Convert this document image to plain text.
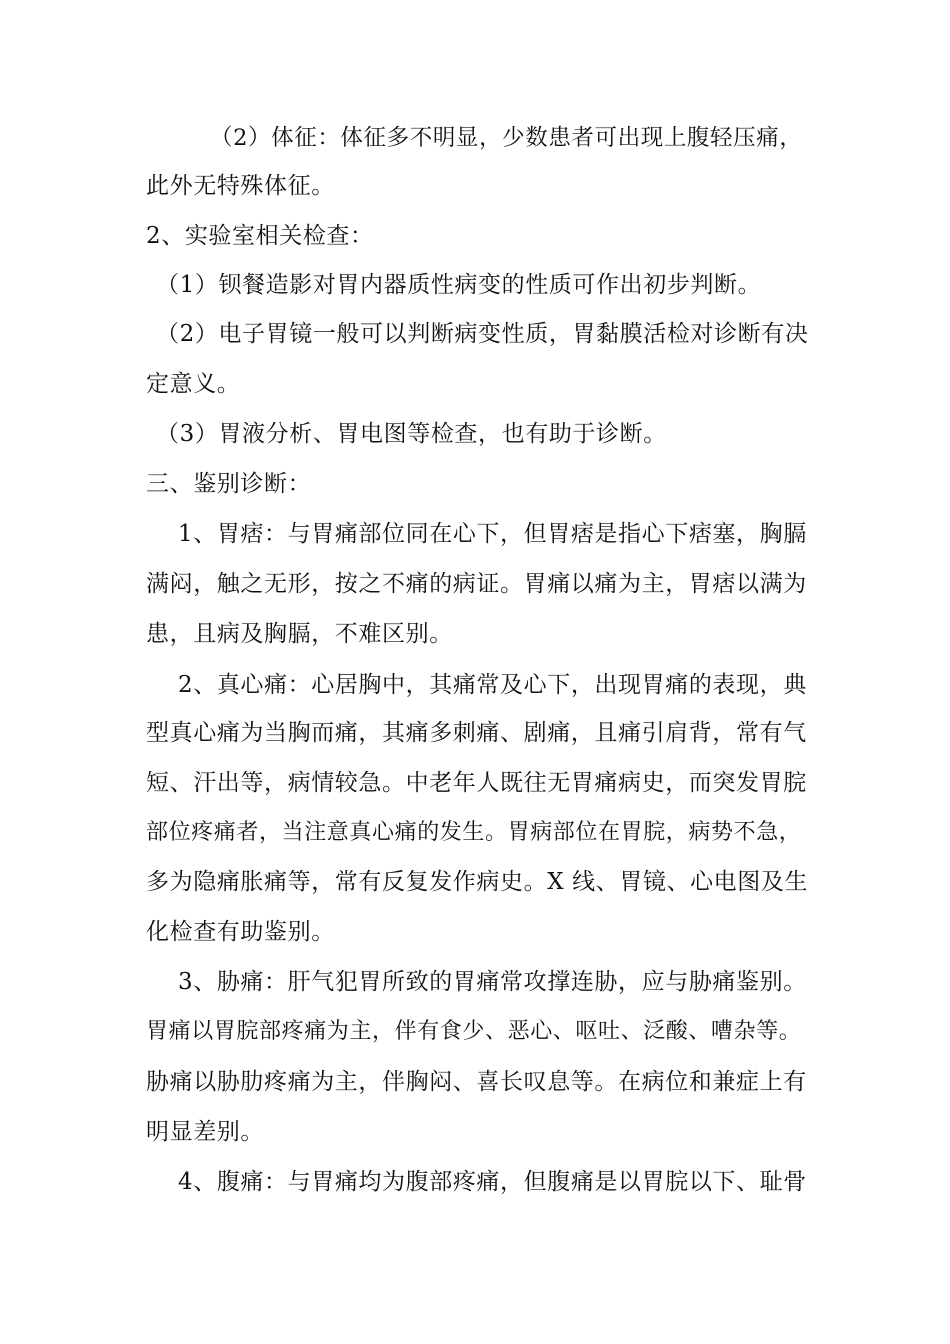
（2）体征：体征多不明显，少数患者可出现上腹轻压痛，
此外无特殊体征。
2、实验室相关检查：
（1）钡餐造影对胃内器质性病变的性质可作出初步判断。
（2）电子胃镜一般可以判断病变性质，胃黏膜活检对诊断有决
定意义。
（3）胃液分析、胃电图等检查，也有助于诊断。
三、鉴别诊断：
1、胃痞：与胃痛部位同在心下，但胃痞是指心下痞塞，胸膈
满闷，触之无形，按之不痛的病证。胃痛以痛为主，胃痞以满为
患，且病及胸膈，不难区别。
2、真心痛：心居胸中，其痛常及心下，出现胃痛的表现，典
型真心痛为当胸而痛，其痛多刺痛、剧痛，且痛引肩背，常有气
短、汗出等，病情较急。中老年人既往无胃痛病史，而突发胃脘
部位疼痛者，当注意真心痛的发生。胃病部位在胃脘，病势不急，
多为隐痛胀痛等，常有反复发作病史。X 线、胃镜、心电图及生
化检查有助鉴别。
3、胁痛：肝气犯胃所致的胃痛常攻撑连胁，应与胁痛鉴别。
胃痛以胃脘部疼痛为主，伴有食少、恶心、呕吐、泛酸、嘈杂等。
胁痛以胁肋疼痛为主，伴胸闷、喜长叹息等。在病位和兼症上有
明显差别。
4、腹痛：与胃痛均为腹部疼痛，但腹痛是以胃脘以下、耻骨
